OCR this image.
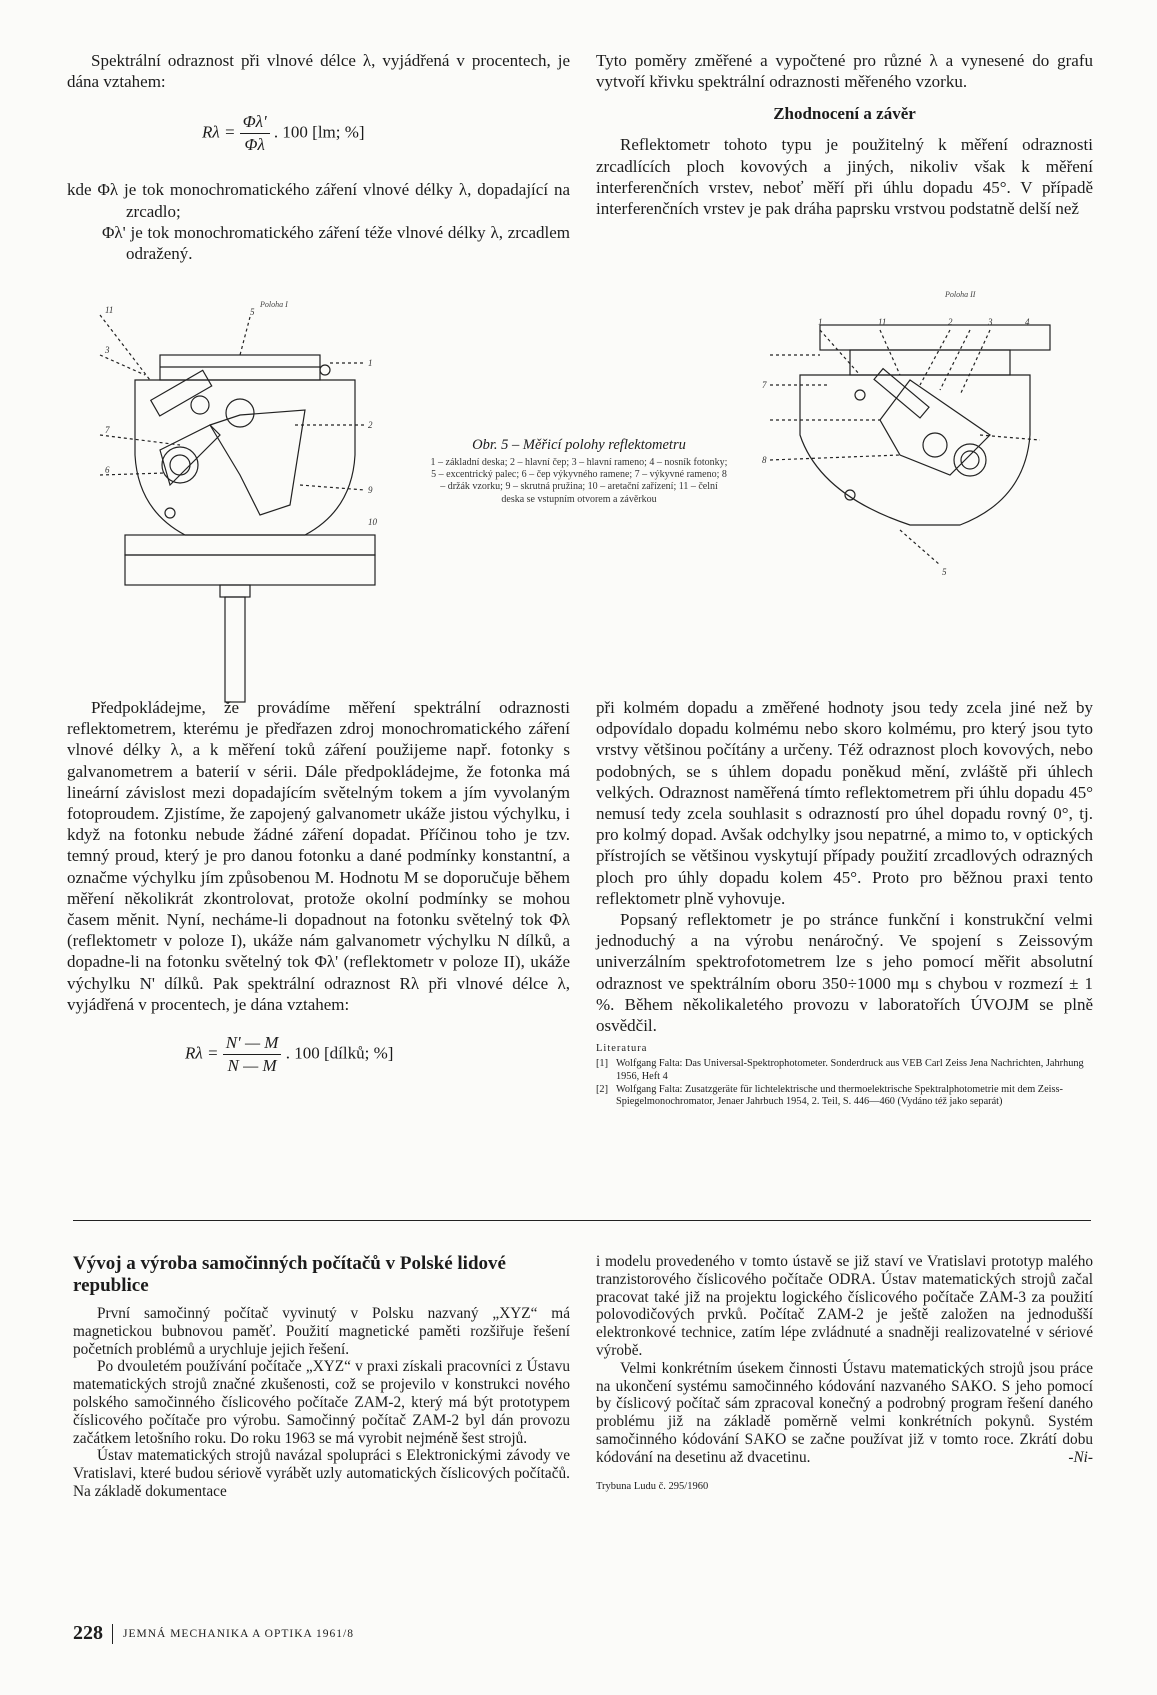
Spektrální odraznost při vlnové délce λ, vyjádřená v procentech, je dána vztahem:

$R\lambda = \frac{\Phi\lambda'}{\Phi\lambda}$ . 100 [lm; %]

kde Φλ je tok monochromatického záření vlnové délky λ, dopadající na zrcadlo;

Φλ' je tok monochromatického záření téže vlnové délky λ, zrcadlem odražený.

Tyto poměry změřené a vypočtené pro různé λ a vynesené do grafu vytvoří křivku spektrální odraznosti měřeného vzorku.

Zhodnocení a závěr

Reflektometr tohoto typu je použitelný k měření odraznosti zrcadlících ploch kovových a jiných, nikoliv však k měření interferenčních vrstev, neboť měří při úhlu dopadu 45°. V případě interferenčních vrstev je pak dráha paprsku vrstvou podstatně delší než

Poloha I
11	5
3
1
7	2
6
9
10

Obr. 5 – Měřicí polohy reflektometru

1 – základní deska; 2 – hlavní čep; 3 – hlavní rameno; 4 – nosník fotonky; 5 – excentrický palec; 6 – čep výkyvného ramene; 7 – výkyvné rameno; 8 – držák vzorku; 9 – skrutná pružina; 10 – aretační zařízení; 11 – čelní deska se vstupním otvorem a závěrkou

Poloha II
1	11	2	3	4
7
8
5

Předpokládejme, že provádíme měření spektrální odraznosti reflektometrem, kterému je předřazen zdroj monochromatického záření vlnové délky λ, a k měření toků záření použijeme např. fotonky s galvanometrem a baterií v sérii. Dále předpokládejme, že fotonka má lineární závislost mezi dopadajícím světelným tokem a jím vyvolaným fotoproudem. Zjistíme, že zapojený galvanometr ukáže jistou výchylku, i když na fotonku nebude žádné záření dopadat. Příčinou toho je tzv. temný proud, který je pro danou fotonku a dané podmínky konstantní, a označme výchylku jím způsobenou M. Hodnotu M se doporučuje během měření několikrát zkontrolovat, protože okolní podmínky se mohou časem měnit. Nyní, necháme-li dopadnout na fotonku světelný tok Φλ (reflektometr v poloze I), ukáže nám galvanometr výchylku N dílků, a dopadne-li na fotonku světelný tok Φλ' (reflektometr v poloze II), ukáže výchylku N' dílků. Pak spektrální odraznost Rλ při vlnové délce λ, vyjádřená v procentech, je dána vztahem:

$R\lambda = \frac{N' — M}{N — M}$ . 100 [dílků; %]

při kolmém dopadu a změřené hodnoty jsou tedy zcela jiné než by odpovídalo dopadu kolmému nebo skoro kolmému, pro který jsou tyto vrstvy většinou počítány a určeny. Též odraznost ploch kovových, nebo podobných, se s úhlem dopadu poněkud mění, zvláště při úhlech velkých. Odraznost naměřená tímto reflektometrem při úhlu dopadu 45° nemusí tedy zcela souhlasit s odrazností pro úhel dopadu rovný 0°, tj. pro kolmý dopad. Avšak odchylky jsou nepatrné, a mimo to, v optických přístrojích se většinou vyskytují případy použití zrcadlových odrazných ploch pro úhly dopadu kolem 45°. Proto pro běžnou praxi tento reflektometr plně vyhovuje.

Popsaný reflektometr je po stránce funkční i konstrukční velmi jednoduchý a na výrobu nenáročný. Ve spojení s Zeissovým univerzálním spektrofotometrem lze s jeho pomocí měřit absolutní odraznost ve spektrálním oboru 350÷1000 mμ s chybou v rozmezí ± 1 %. Během několikaletého provozu v laboratořích ÚVOJM se plně osvědčil.

Literatura

[1] Wolfgang Falta: Das Universal-Spektrophotometer. Sonderdruck aus VEB Carl Zeiss Jena Nachrichten, Jahrhung 1956, Heft 4
[2] Wolfgang Falta: Zusatzgeräte für lichtelektrische und thermoelektrische Spektralphotometrie mit dem Zeiss-Spiegelmonochromator, Jenaer Jahrbuch 1954, 2. Teil, S. 446—460 (Vydáno též jako separát)

Vývoj a výroba samočinných počítačů v Polské lidové republice

První samočinný počítač vyvinutý v Polsku nazvaný „XYZ“ má magnetickou bubnovou paměť. Použití magnetické paměti rozšiřuje řešení početních problémů a urychluje jejich řešení.

Po dvouletém používání počítače „XYZ“ v praxi získali pracovníci z Ústavu matematických strojů značné zkušenosti, což se projevilo v konstrukci nového polského samočinného číslicového počítače ZAM-2, který má být prototypem číslicového počítače pro výrobu. Samočinný počítač ZAM-2 byl dán provozu začátkem letošního roku. Do roku 1963 se má vyrobit nejméně šest strojů.

Ústav matematických strojů navázal spolupráci s Elektronickými závody ve Vratislavi, které budou sériově vyrábět uzly automatických číslicových počítačů. Na základě dokumentace

i modelu provedeného v tomto ústavě se již staví ve Vratislavi prototyp malého tranzistorového číslicového počítače ODRA. Ústav matematických strojů začal pracovat také již na projektu logického číslicového počítače ZAM-3 za použití polovodičových prvků. Počítač ZAM-2 je ještě založen na jednodušší elektronkové technice, zatím lépe zvládnuté a snadněji realizovatelné v sériové výrobě.

Velmi konkrétním úsekem činnosti Ústavu matematických strojů jsou práce na ukončení systému samočinného kódování nazvaného SAKO. S jeho pomocí by číslicový počítač sám zpracoval konečný a podrobný program řešení daného problému již na základě poměrně velmi konkrétních pokynů. Systém samočinného kódování SAKO se začne používat již v tomto roce. Zkrátí dobu kódování na desetinu až dvacetinu.	-Ni-

Trybuna Ludu č. 295/1960

228 JEMNÁ MECHANIKA A OPTIKA 1961/8
